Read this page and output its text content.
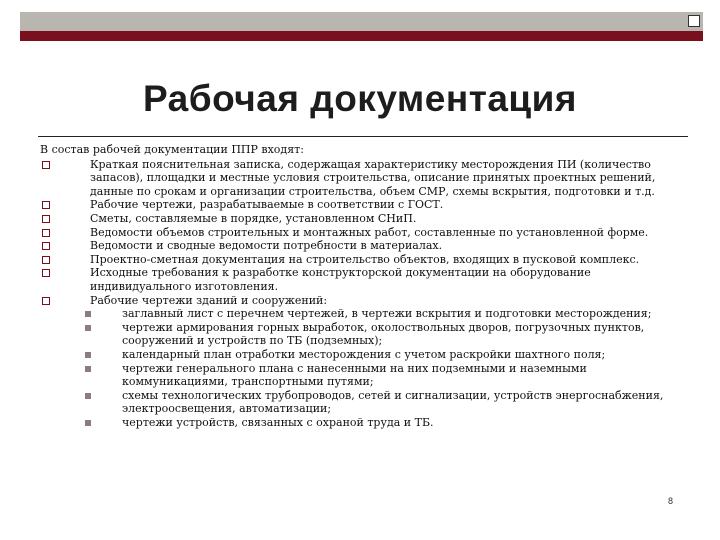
Рабочая документация
В состав рабочей документации ППР входят:
Краткая пояснительная записка, содержащая характеристику месторождения ПИ (количество запасов), площадки и местные условия строительства, описание принятых проектных решений, данные по срокам и организации строительства, объем СМР, схемы вскрытия, подготовки и т.д.
Рабочие чертежи, разрабатываемые в соответствии с ГОСТ.
Сметы, составляемые в порядке, установленном СНиП.
Ведомости объемов строительных и монтажных работ, составленные по установленной форме.
Ведомости и сводные ведомости потребности в материалах.
Проектно-сметная документация на строительство объектов, входящих в пусковой комплекс.
Исходные требования к разработке конструкторской документации на оборудование индивидуального изготовления.
Рабочие чертежи зданий и сооружений:
заглавный лист с перечнем чертежей, в чертежи вскрытия и подготовки месторождения;
чертежи армирования горных выработок, околоствольных дворов, погрузочных пунктов, сооружений и устройств по ТБ (подземных);
календарный план отработки месторождения с учетом раскройки шахтного поля;
чертежи генерального плана с нанесенными на них подземными и наземными коммуникациями, транспортными путями;
схемы технологических трубопроводов, сетей и сигнализации, устройств энергоснабжения, электроосвещения, автоматизации;
чертежи устройств, связанных с охраной труда и ТБ.
8
